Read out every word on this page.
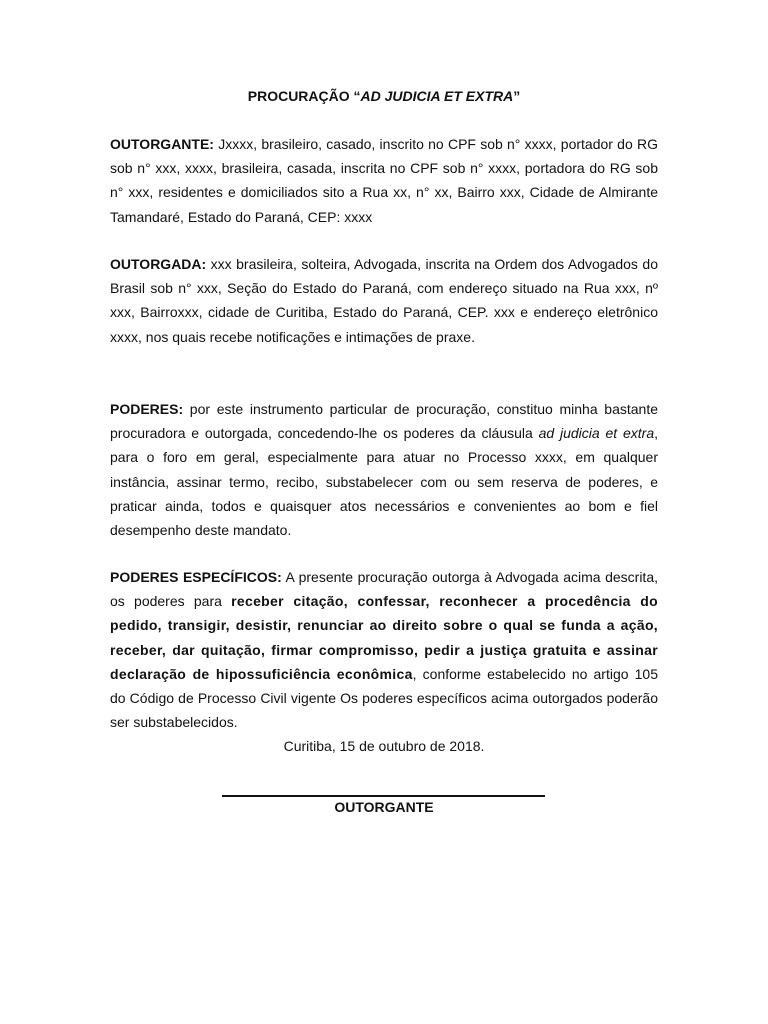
PROCURAÇÃO “AD JUDICIA ET EXTRA”
OUTORGANTE: Jxxxx, brasileiro, casado, inscrito no CPF sob n° xxxx, portador do RG sob n° xxx, xxxx, brasileira, casada, inscrita no CPF sob n° xxxx, portadora do RG sob n° xxx, residentes e domiciliados sito a Rua xx, n° xx, Bairro xxx, Cidade de Almirante Tamandaré, Estado do Paraná, CEP: xxxx
OUTORGADA: xxx brasileira, solteira, Advogada, inscrita na Ordem dos Advogados do Brasil sob n° xxx, Seção do Estado do Paraná, com endereço situado na Rua xxx, nº xxx, Bairroxxx, cidade de Curitiba, Estado do Paraná, CEP. xxx e endereço eletrônico xxxx, nos quais recebe notificações e intimações de praxe.
PODERES: por este instrumento particular de procuração, constituo minha bastante procuradora e outorgada, concedendo-lhe os poderes da cláusula ad judicia et extra, para o foro em geral, especialmente para atuar no Processo xxxx, em qualquer instância, assinar termo, recibo, substabelecer com ou sem reserva de poderes, e praticar ainda, todos e quaisquer atos necessários e convenientes ao bom e fiel desempenho deste mandato.
PODERES ESPECÍFICOS: A presente procuração outorga à Advogada acima descrita, os poderes para receber citação, confessar, reconhecer a procedência do pedido, transigir, desistir, renunciar ao direito sobre o qual se funda a ação, receber, dar quitação, firmar compromisso, pedir a justiça gratuita e assinar declaração de hipossuficiência econômica, conforme estabelecido no artigo 105 do Código de Processo Civil vigente Os poderes específicos acima outorgados poderão ser substabelecidos.
Curitiba, 15 de outubro de 2018.
OUTORGANTE
